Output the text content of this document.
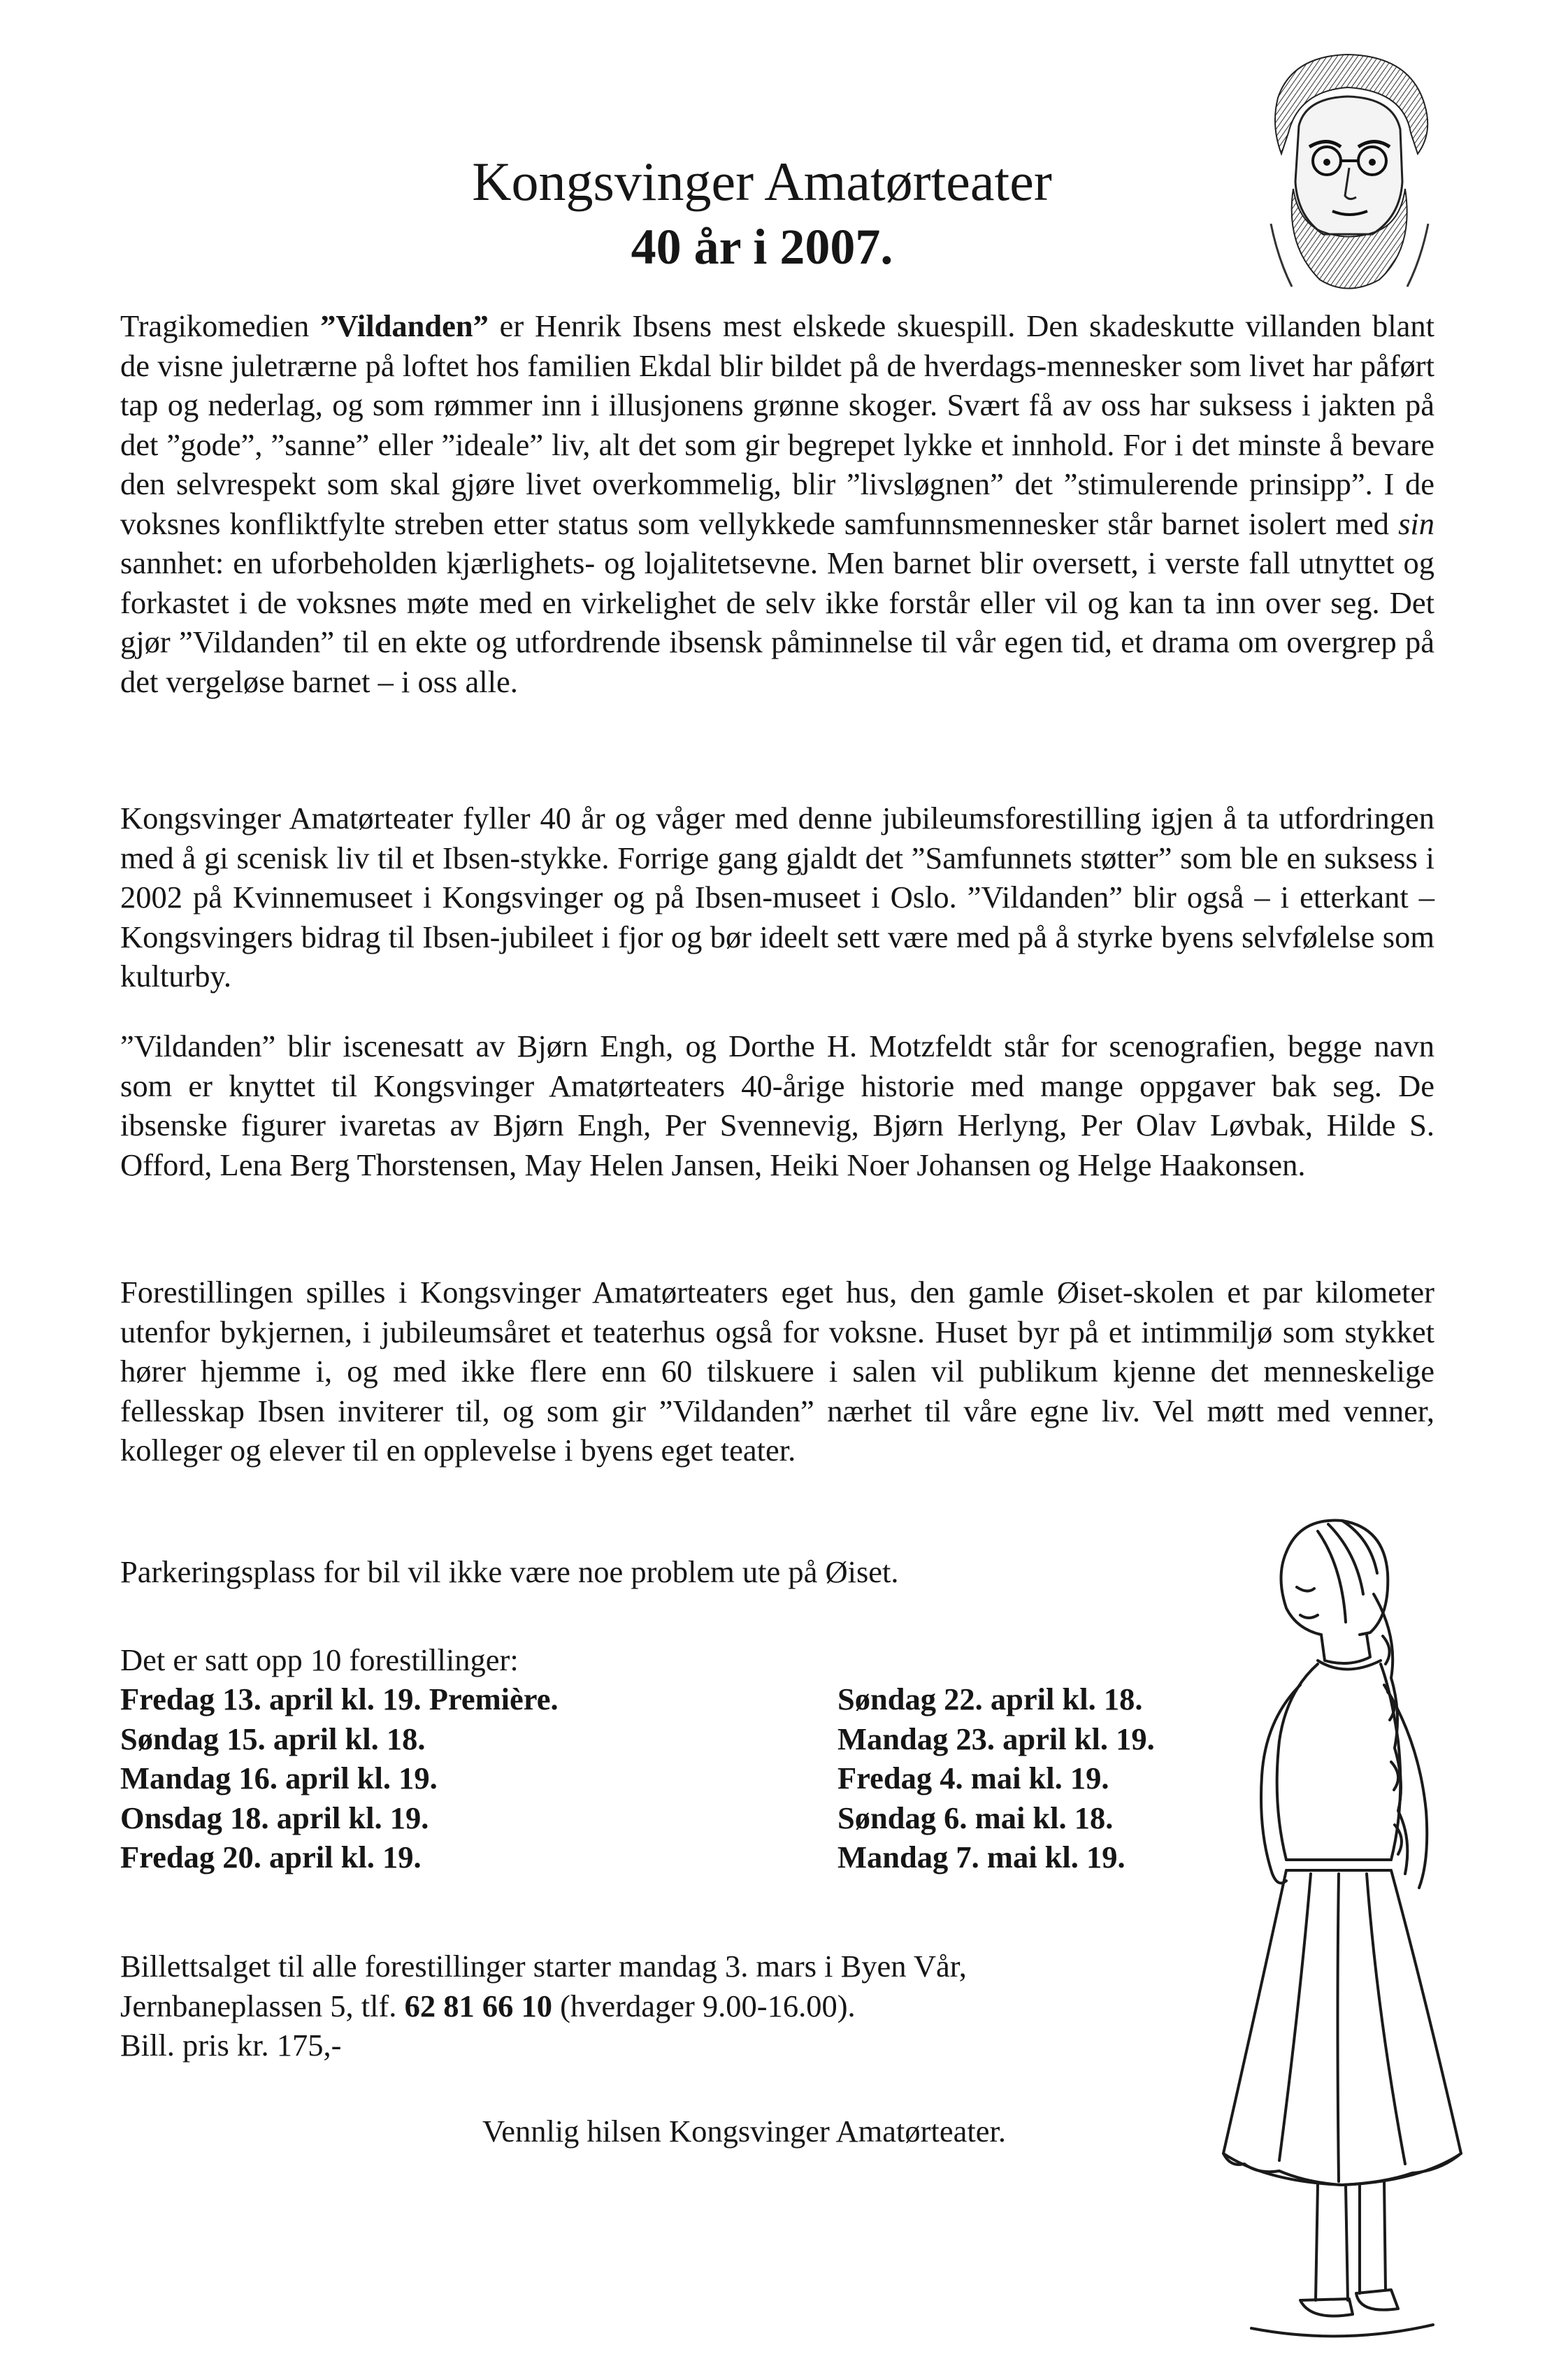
Kongsvinger Amatørteater
40 år i 2007.

Tragikomedien ”Vildanden” er Henrik Ibsens mest elskede skuespill. Den skadeskutte villanden blant de visne juletrærne på loftet hos familien Ekdal blir bildet på de hverdags-mennesker som livet har påført tap og nederlag, og som rømmer inn i illusjonens grønne skoger. Svært få av oss har suksess i jakten på det ”gode”, ”sanne” eller ”ideale” liv, alt det som gir begrepet lykke et innhold. For i det minste å bevare den selvrespekt som skal gjøre livet overkommelig, blir ”livsløgnen” det ”stimulerende prinsipp”. I de voksnes konfliktfylte streben etter status som vellykkede samfunnsmennesker står barnet isolert med sin sannhet: en uforbeholden kjærlighets- og lojalitetsevne. Men barnet blir oversett, i verste fall utnyttet og forkastet i de voksnes møte med en virkelighet de selv ikke forstår eller vil og kan ta inn over seg. Det gjør ”Vildanden” til en ekte og utfordrende ibsensk påminnelse til vår egen tid, et drama om overgrep på det vergeløse barnet – i oss alle.

Kongsvinger Amatørteater fyller 40 år og våger med denne jubileumsforestilling igjen å ta utfordringen med å gi scenisk liv til et Ibsen-stykke. Forrige gang gjaldt det ”Samfunnets støtter” som ble en suksess i 2002 på Kvinnemuseet i Kongsvinger og på Ibsen-museet i Oslo. ”Vildanden” blir også – i etterkant – Kongsvingers bidrag til Ibsen-jubileet i fjor og bør ideelt sett være med på å styrke byens selvfølelse som kulturby.

”Vildanden” blir iscenesatt av Bjørn Engh, og Dorthe H. Motzfeldt står for scenografien, begge navn som er knyttet til Kongsvinger Amatørteaters 40-årige historie med mange oppgaver bak seg. De ibsenske figurer ivaretas av Bjørn Engh, Per Svennevig, Bjørn Herlyng, Per Olav Løvbak, Hilde S. Offord, Lena Berg Thorstensen, May Helen Jansen, Heiki Noer Johansen og Helge Haakonsen.

Forestillingen spilles i Kongsvinger Amatørteaters eget hus, den gamle Øiset-skolen et par kilometer utenfor bykjernen, i jubileumsåret et teaterhus også for voksne. Huset byr på et intimmiljø som stykket hører hjemme i, og med ikke flere enn 60 tilskuere i salen vil publikum kjenne det menneskelige fellesskap Ibsen inviterer til, og som gir ”Vildanden” nærhet til våre egne liv. Vel møtt med venner, kolleger og elever til en opplevelse i byens eget teater.

Parkeringsplass for bil vil ikke være noe problem ute på Øiset.

Det er satt opp 10 forestillinger:

Fredag 13. april kl. 19. Première.
Søndag 15. april kl. 18.
Mandag 16. april kl. 19.
Onsdag 18. april kl. 19.
Fredag 20. april kl. 19.
Søndag 22. april kl. 18.
Mandag 23. april kl. 19.
Fredag 4. mai kl. 19.
Søndag 6. mai kl. 18.
Mandag 7. mai kl. 19.
Billettsalget til alle forestillinger starter mandag 3. mars i Byen Vår,
Jernbaneplassen 5, tlf. 62 81 66 10 (hverdager 9.00-16.00).
Bill. pris kr. 175,-

Vennlig hilsen Kongsvinger Amatørteater.
